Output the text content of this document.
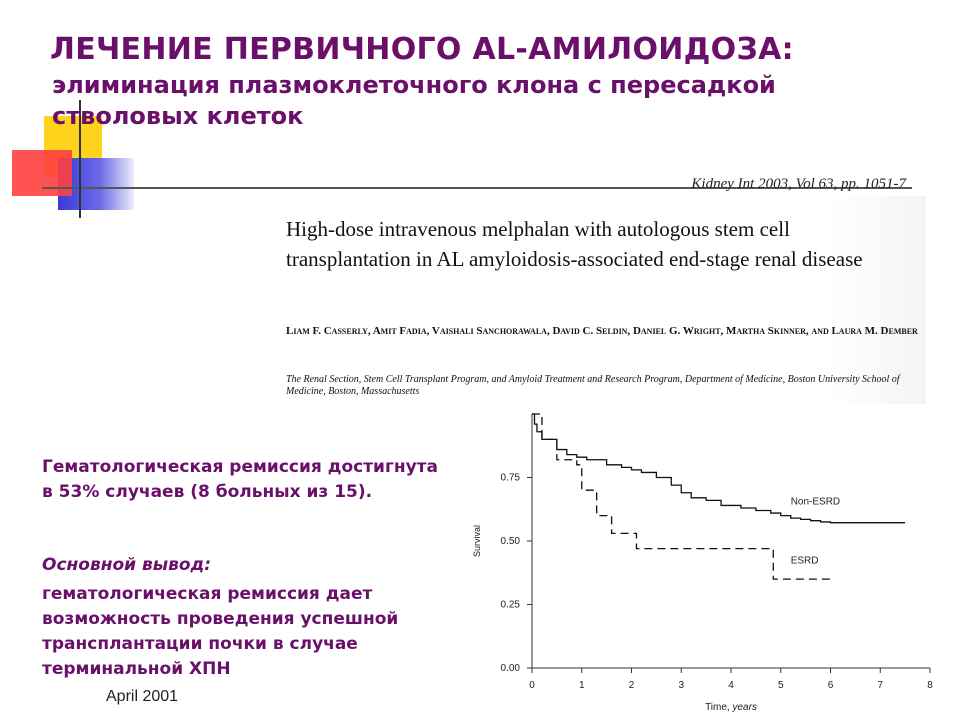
ЛЕЧЕНИЕ ПЕРВИЧНОГО AL-АМИЛОИДОЗА:
элиминация плазмоклеточного клона с пересадкой стволовых клеток
Kidney Int 2003, Vol 63, pp. 1051-7

High-dose intravenous melphalan with autologous stem cell transplantation in AL amyloidosis-associated end-stage renal disease

Liam F. Casserly, Amit Fadia, Vaishali Sanchorawala, David C. Seldin, Daniel G. Wright, Martha Skinner, and Laura M. Dember

The Renal Section, Stem Cell Transplant Program, and Amyloid Treatment and Research Program, Department of Medicine, Boston University School of Medicine, Boston, Massachusetts

Гематологическая ремиссия достигнута в 53% случаев (8 больных из 15).

Основной вывод:

гематологическая ремиссия дает возможность проведения успешной трансплантации почки в случае терминальной ХПН

April 2001
0	1	2	3	4	5	6	7	8
0.00
0.25
0.50
0.75
Survival
Time, years
Non-ESRD
ESRD
